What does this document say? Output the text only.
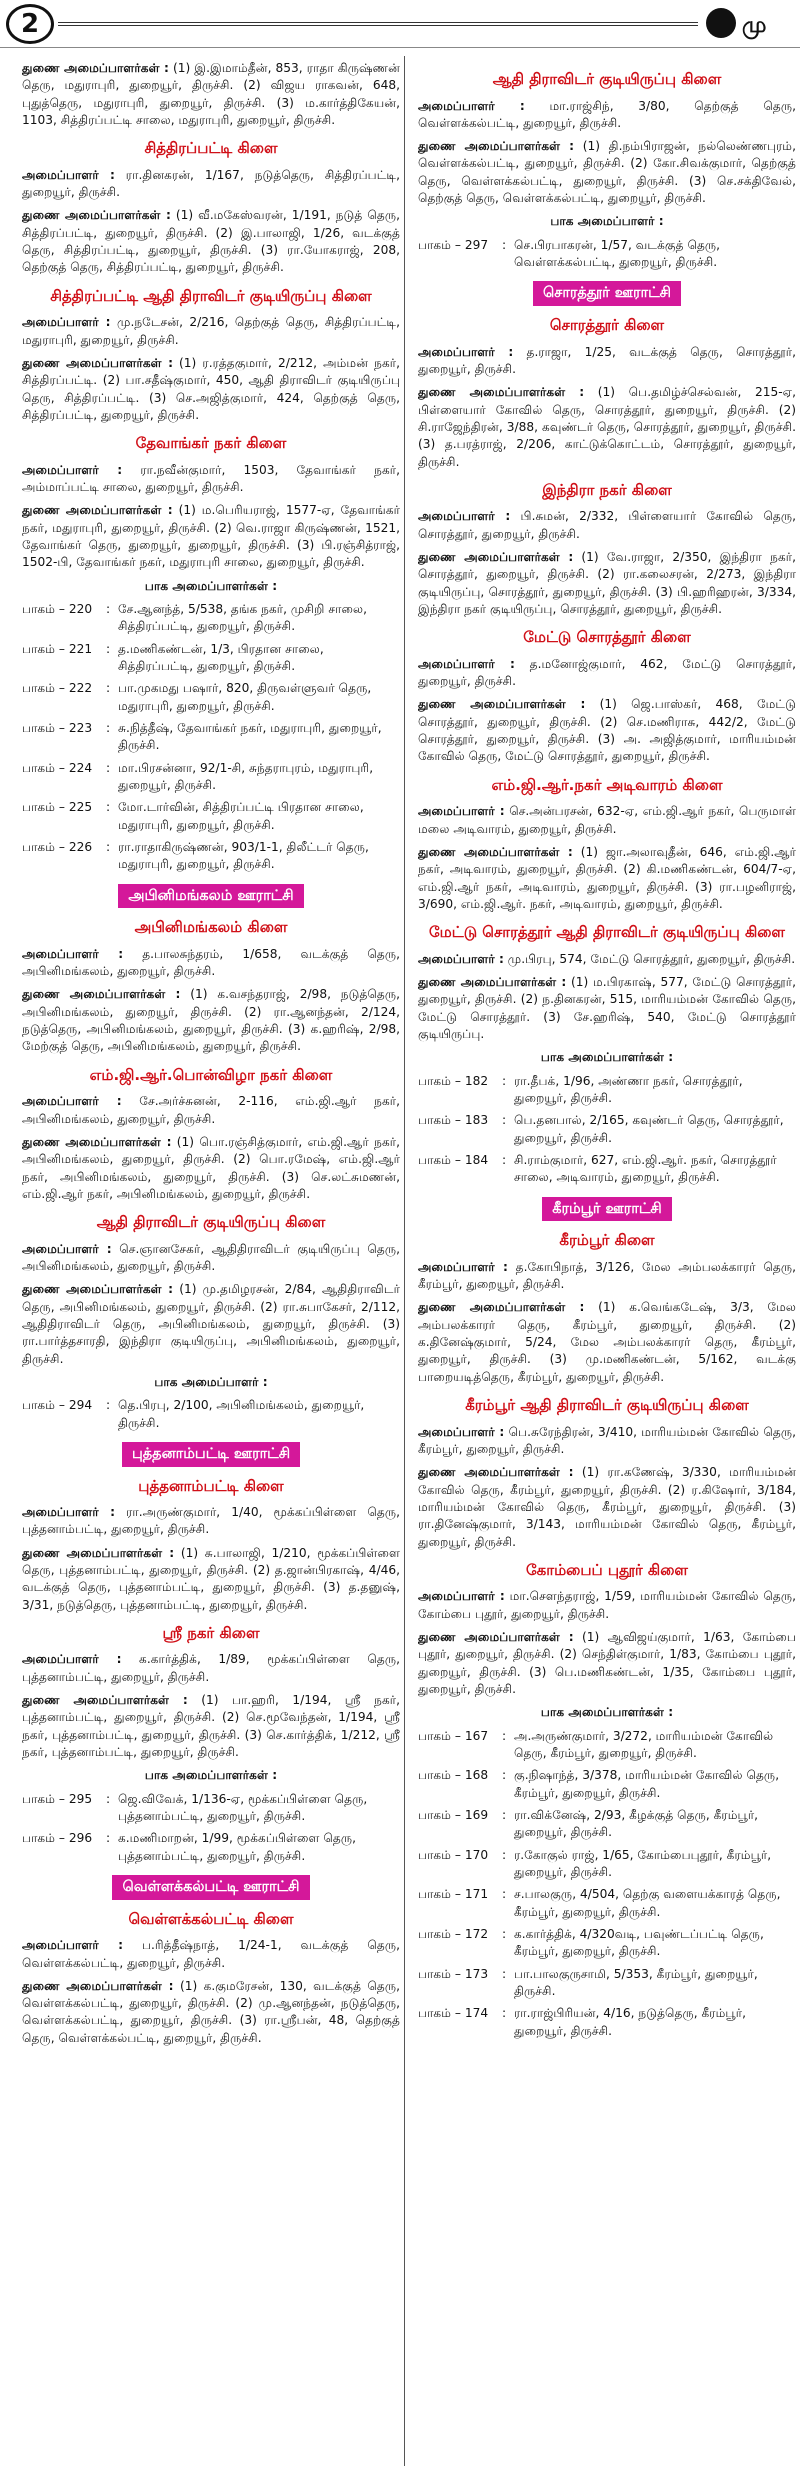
2	மு
துணை அமைப்பாளர்கள் : (1) இ.இமாம்தீன், 853, ராதா கிருஷ்ணன் தெரு, மதுராபுரி, துறையூர், திருச்சி. (2) விஜய ராகவன், 648, புதுத்தெரு, மதுராபுரி, துறையூர், திருச்சி. (3) ம.கார்த்திகேயன், 1103, சித்திரப்பட்டி சாலை, மதுராபுரி, துறையூர், திருச்சி.
சித்திரப்பட்டி கிளை
அமைப்பாளர் : ரா.தினகரன், 1/167, நடுத்தெரு, சித்திரப்பட்டி, துறையூர், திருச்சி.
துணை அமைப்பாளர்கள் : (1) வீ.மகேஸ்வரன், 1/191, நடுத் தெரு, சித்திரப்பட்டி, துறையூர், திருச்சி. (2) இ.பாலாஜி, 1/26, வடக்குத் தெரு, சித்திரப்பட்டி, துறையூர், திருச்சி. (3) ரா.யோகராஜ், 208, தெற்குத் தெரு, சித்திரப்பட்டி, துறையூர், திருச்சி.
சித்திரப்பட்டி ஆதி திராவிடர் குடியிருப்பு கிளை
அமைப்பாளர் : மு.நடேசன், 2/216, தெற்குத் தெரு, சித்திரப்பட்டி, மதுராபுரி, துறையூர், திருச்சி.
துணை அமைப்பாளர்கள் : (1) ர.ரத்தகுமார், 2/212, அம்மன் நகர், சித்திரப்பட்டி. (2) பா.சதீஷ்குமார், 450, ஆதி திராவிடர் குடியிருப்பு தெரு, சித்திரப்பட்டி. (3) செ.அஜித்குமார், 424, தெற்குத் தெரு, சித்திரப்பட்டி, துறையூர், திருச்சி.
தேவாங்கர் நகர் கிளை
அமைப்பாளர் : ரா.நவீன்குமார், 1503, தேவாங்கர் நகர், அம்மாப்பட்டி சாலை, துறையூர், திருச்சி.
துணை அமைப்பாளர்கள் : (1) ம.பெரியராஜ், 1577-ஏ, தேவாங்கர் நகர், மதுராபுரி, துறையூர், திருச்சி. (2) வெ.ராஜா கிருஷ்ணன், 1521, தேவாங்கர் தெரு, துறையூர், துறையூர், திருச்சி. (3) பி.ரஞ்சித்ராஜ், 1502-பி, தேவாங்கர் நகர், மதுராபுரி சாலை, துறையூர், திருச்சி.
பாக அமைப்பாளர்கள் :
பாகம் – 220	: சே.ஆனந்த், 5/538, தங்க நகர், முசிறி சாலை, சித்திரப்பட்டி, துறையூர், திருச்சி.
பாகம் – 221	: த.மணிகண்டன், 1/3, பிரதான சாலை, சித்திரப்பட்டி, துறையூர், திருச்சி.
பாகம் – 222	: பா.முகமது பஷார், 820, திருவள்ளுவர் தெரு, மதுராபுரி, துறையூர், திருச்சி.
பாகம் – 223	: சு.நித்தீஷ், தேவாங்கர் நகர், மதுராபுரி, துறையூர், திருச்சி.
பாகம் – 224	: மா.பிரசன்னா, 92/1-சி, சுந்தராபுரம், மதுராபுரி, துறையூர், திருச்சி.
பாகம் – 225	: மோ.டார்வின், சித்திரப்பட்டி பிரதான சாலை, மதுராபுரி, துறையூர், திருச்சி.
பாகம் – 226	: ரா.ராதாகிருஷ்ணன், 903/1-1, திலீட்டர் தெரு, மதுராபுரி, துறையூர், திருச்சி.
அபினிமங்கலம் ஊராட்சி
அபினிமங்கலம் கிளை
அமைப்பாளர் : த.பாலசுந்தரம், 1/658, வடக்குத் தெரு, அபினிமங்கலம், துறையூர், திருச்சி.
துணை அமைப்பாளர்கள் : (1) க.வசந்தராஜ், 2/98, நடுத்தெரு, அபினிமங்கலம், துறையூர், திருச்சி. (2) ரா.ஆனந்தன், 2/124, நடுத்தெரு, அபினிமங்கலம், துறையூர், திருச்சி. (3) க.ஹரிஷ், 2/98, மேற்குத் தெரு, அபினிமங்கலம், துறையூர், திருச்சி.
எம்.ஜி.ஆர்.பொன்விழா நகர் கிளை
அமைப்பாளர் : சே.அர்ச்சுனன், 2-116, எம்.ஜி.ஆர் நகர், அபினிமங்கலம், துறையூர், திருச்சி.
துணை அமைப்பாளர்கள் : (1) பொ.ரஞ்சித்குமார், எம்.ஜி.ஆர் நகர், அபினிமங்கலம், துறையூர், திருச்சி. (2) பொ.ரமேஷ், எம்.ஜி.ஆர் நகர், அபினிமங்கலம், துறையூர், திருச்சி. (3) செ.லட்சுமணன், எம்.ஜி.ஆர் நகர், அபினிமங்கலம், துறையூர், திருச்சி.
ஆதி திராவிடர் குடியிருப்பு கிளை
அமைப்பாளர் : செ.ஞானசேகர், ஆதிதிராவிடர் குடியிருப்பு தெரு, அபினிமங்கலம், துறையூர், திருச்சி.
துணை அமைப்பாளர்கள் : (1) மு.தமிழரசன், 2/84, ஆதிதிராவிடர் தெரு, அபினிமங்கலம், துறையூர், திருச்சி. (2) ரா.சுபாகேசர், 2/112, ஆதிதிராவிடர் தெரு, அபினிமங்கலம், துறையூர், திருச்சி. (3) ரா.பார்த்தசாரதி, இந்திரா குடியிருப்பு, அபினிமங்கலம், துறையூர், திருச்சி.
பாக அமைப்பாளர் :
பாகம் – 294	: தெ.பிரபு, 2/100, அபினிமங்கலம், துறையூர், திருச்சி.
புத்தனாம்பட்டி ஊராட்சி
புத்தனாம்பட்டி கிளை
அமைப்பாளர் : ரா.அருண்குமார், 1/40, மூக்கப்பிள்ளை தெரு, புத்தனாம்பட்டி, துறையூர், திருச்சி.
துணை அமைப்பாளர்கள் : (1) சு.பாலாஜி, 1/210, மூக்கப்பிள்ளை தெரு, புத்தனாம்பட்டி, துறையூர், திருச்சி. (2) த.ஜான்பிரகாஷ், 4/46, வடக்குத் தெரு, புத்தனாம்பட்டி, துறையூர், திருச்சி. (3) த.தனுஷ், 3/31, நடுத்தெரு, புத்தனாம்பட்டி, துறையூர், திருச்சி.
ஸ்ரீ நகர் கிளை
அமைப்பாளர் : க.கார்த்திக், 1/89, மூக்கப்பிள்ளை தெரு, புத்தனாம்பட்டி, துறையூர், திருச்சி.
துணை அமைப்பாளர்கள் : (1) பா.ஹரி, 1/194, ஸ்ரீ நகர், புத்தனாம்பட்டி, துறையூர், திருச்சி. (2) செ.மூவேந்தன், 1/194, ஸ்ரீ நகர், புத்தனாம்பட்டி, துறையூர், திருச்சி. (3) செ.கார்த்திக், 1/212, ஸ்ரீ நகர், புத்தனாம்பட்டி, துறையூர், திருச்சி.
பாக அமைப்பாளர்கள் :
பாகம் – 295	: ஜெ.விவேக், 1/136-ஏ, மூக்கப்பிள்ளை தெரு, புத்தனாம்பட்டி, துறையூர், திருச்சி.
பாகம் – 296	: க.மணிமாறன், 1/99, மூக்கப்பிள்ளை தெரு, புத்தனாம்பட்டி, துறையூர், திருச்சி.
வெள்ளக்கல்பட்டி ஊராட்சி
வெள்ளக்கல்பட்டி கிளை
அமைப்பாளர் : ப.ரித்தீஷ்நாத், 1/24-1, வடக்குத் தெரு, வெள்ளக்கல்பட்டி, துறையூர், திருச்சி.
துணை அமைப்பாளர்கள் : (1) க.குமரேசன், 130, வடக்குத் தெரு, வெள்ளக்கல்பட்டி, துறையூர், திருச்சி. (2) மு.ஆனந்தன், நடுத்தெரு, வெள்ளக்கல்பட்டி, துறையூர், திருச்சி. (3) ரா.ஸ்ரீபன், 48, தெற்குத் தெரு, வெள்ளக்கல்பட்டி, துறையூர், திருச்சி.
ஆதி திராவிடர் குடியிருப்பு கிளை
அமைப்பாளர் : மா.ராஜ்சிந், 3/80, தெற்குத் தெரு, வெள்ளக்கல்பட்டி, துறையூர், திருச்சி.
துணை அமைப்பாளர்கள் : (1) தி.நம்பிராஜன், நல்லெண்ணபுரம், வெள்ளக்கல்பட்டி, துறையூர், திருச்சி. (2) கோ.சிவக்குமார், தெற்குத் தெரு, வெள்ளக்கல்பட்டி, துறையூர், திருச்சி. (3) செ.சக்திவேல், தெற்குத் தெரு, வெள்ளக்கல்பட்டி, துறையூர், திருச்சி.
பாக அமைப்பாளர் :
பாகம் – 297	: செ.பிரபாகரன், 1/57, வடக்குத் தெரு, வெள்ளக்கல்பட்டி, துறையூர், திருச்சி.
சொரத்தூர் ஊராட்சி
சொரத்தூர் கிளை
அமைப்பாளர் : த.ராஜா, 1/25, வடக்குத் தெரு, சொரத்தூர், துறையூர், திருச்சி.
துணை அமைப்பாளர்கள் : (1) பெ.தமிழ்ச்செல்வன், 215-ஏ, பிள்ளையார் கோவில் தெரு, சொரத்தூர், துறையூர், திருச்சி. (2) சி.ராஜேந்திரன், 3/88, கவுண்டர் தெரு, சொரத்தூர், துறையூர், திருச்சி. (3) த.பரத்ராஜ், 2/206, காட்டுக்கொட்டம், சொரத்தூர், துறையூர், திருச்சி.
இந்திரா நகர் கிளை
அமைப்பாளர் : பி.சுமன், 2/332, பிள்ளையார் கோவில் தெரு, சொரத்தூர், துறையூர், திருச்சி.
துணை அமைப்பாளர்கள் : (1) வே.ராஜா, 2/350, இந்திரா நகர், சொரத்தூர், துறையூர், திருச்சி. (2) ரா.கலைசரன், 2/273, இந்திரா குடியிருப்பு, சொரத்தூர், துறையூர், திருச்சி. (3) பி.ஹரிஹரன், 3/334, இந்திரா நகர் குடியிருப்பு, சொரத்தூர், துறையூர், திருச்சி.
மேட்டு சொரத்தூர் கிளை
அமைப்பாளர் : த.மனோஜ்குமார், 462, மேட்டு சொரத்தூர், துறையூர், திருச்சி.
துணை அமைப்பாளர்கள் : (1) ஜெ.பாஸ்கர், 468, மேட்டு சொரத்தூர், துறையூர், திருச்சி. (2) செ.மணிராசு, 442/2, மேட்டு சொரத்தூர், துறையூர், திருச்சி. (3) அ. அஜித்குமார், மாரியம்மன் கோவில் தெரு, மேட்டு சொரத்தூர், துறையூர், திருச்சி.
எம்.ஜி.ஆர்.நகர் அடிவாரம் கிளை
அமைப்பாளர் : செ.அன்பரசன், 632-ஏ, எம்.ஜி.ஆர் நகர், பெருமாள் மலை அடிவாரம், துறையூர், திருச்சி.
துணை அமைப்பாளர்கள் : (1) ஜா.அலாவுதீன், 646, எம்.ஜி.ஆர் நகர், அடிவாரம், துறையூர், திருச்சி. (2) கி.மணிகண்டன், 604/7-ஏ, எம்.ஜி.ஆர் நகர், அடிவாரம், துறையூர், திருச்சி. (3) ரா.பழனிராஜ், 3/690, எம்.ஜி.ஆர். நகர், அடிவாரம், துறையூர், திருச்சி.
மேட்டு சொரத்தூர் ஆதி திராவிடர் குடியிருப்பு கிளை
அமைப்பாளர் : மு.பிரபு, 574, மேட்டு சொரத்தூர், துறையூர், திருச்சி.
துணை அமைப்பாளர்கள் : (1) ம.பிரகாஷ், 577, மேட்டு சொரத்தூர், துறையூர், திருச்சி. (2) ந.தினகரன், 515, மாரியம்மன் கோவில் தெரு, மேட்டு சொரத்தூர். (3) சே.ஹரிஷ், 540, மேட்டு சொரத்தூர் குடியிருப்பு.
பாக அமைப்பாளர்கள் :
பாகம் – 182	: ரா.தீபக், 1/96, அண்ணா நகர், சொரத்தூர், துறையூர், திருச்சி.
பாகம் – 183	: பெ.தனபால், 2/165, கவுண்டர் தெரு, சொரத்தூர், துறையூர், திருச்சி.
பாகம் – 184	: சி.ராம்குமார், 627, எம்.ஜி.ஆர். நகர், சொரத்தூர் சாலை, அடிவாரம், துறையூர், திருச்சி.
கீரம்பூர் ஊராட்சி
கீரம்பூர் கிளை
அமைப்பாளர் : த.கோபிநாத், 3/126, மேல அம்பலக்காரர் தெரு, கீரம்பூர், துறையூர், திருச்சி.
துணை அமைப்பாளர்கள் : (1) க.வெங்கடேஷ், 3/3, மேல அம்பலக்காரர் தெரு, கீரம்பூர், துறையூர், திருச்சி. (2) க.தினேஷ்குமார், 5/24, மேல அம்பலக்காரர் தெரு, கீரம்பூர், துறையூர், திருச்சி. (3) மு.மணிகண்டன், 5/162, வடக்கு பாறையடித்தெரு, கீரம்பூர், துறையூர், திருச்சி.
கீரம்பூர் ஆதி திராவிடர் குடியிருப்பு கிளை
அமைப்பாளர் : பெ.சுரேந்திரன், 3/410, மாரியம்மன் கோவில் தெரு, கீரம்பூர், துறையூர், திருச்சி.
துணை அமைப்பாளர்கள் : (1) ரா.கணேஷ், 3/330, மாரியம்மன் கோவில் தெரு, கீரம்பூர், துறையூர், திருச்சி. (2) ர.கிஷோர், 3/184, மாரியம்மன் கோவில் தெரு, கீரம்பூர், துறையூர், திருச்சி. (3) ரா.தினேஷ்குமார், 3/143, மாரியம்மன் கோவில் தெரு, கீரம்பூர், துறையூர், திருச்சி.
கோம்பைப் புதூர் கிளை
அமைப்பாளர் : மா.சௌந்தராஜ், 1/59, மாரியம்மன் கோவில் தெரு, கோம்பை புதூர், துறையூர், திருச்சி.
துணை அமைப்பாளர்கள் : (1) ஆவிஜய்குமார், 1/63, கோம்பை புதூர், துறையூர், திருச்சி. (2) செந்திள்குமார், 1/83, கோம்பை புதூர், துறையூர், திருச்சி. (3) பெ.மணிகண்டன், 1/35, கோம்பை புதூர், துறையூர், திருச்சி.
பாக அமைப்பாளர்கள் :
பாகம் – 167	: அ.அருண்குமார், 3/272, மாரியம்மன் கோவில் தெரு, கீரம்பூர், துறையூர், திருச்சி.
பாகம் – 168	: கு.நிஷாந்த், 3/378, மாரியம்மன் கோவில் தெரு, கீரம்பூர், துறையூர், திருச்சி.
பாகம் – 169	: ரா.விக்னேஷ், 2/93, கீழக்குத் தெரு, கீரம்பூர், துறையூர், திருச்சி.
பாகம் – 170	: ர.கோகுல் ராஜ், 1/65, கோம்பைபுதூர், கீரம்பூர், துறையூர், திருச்சி.
பாகம் – 171	: ச.பாலகுரு, 4/504, தெற்கு வளையக்காரத் தெரு, கீரம்பூர், துறையூர், திருச்சி.
பாகம் – 172	: க.கார்த்திக், 4/320வடி, பவுண்டப்பட்டி தெரு, கீரம்பூர், துறையூர், திருச்சி.
பாகம் – 173	: பா.பாலகுருசாமி, 5/353, கீரம்பூர், துறையூர், திருச்சி.
பாகம் – 174	: ரா.ராஜ்பிரியன், 4/16, நடுத்தெரு, கீரம்பூர், துறையூர், திருச்சி.
